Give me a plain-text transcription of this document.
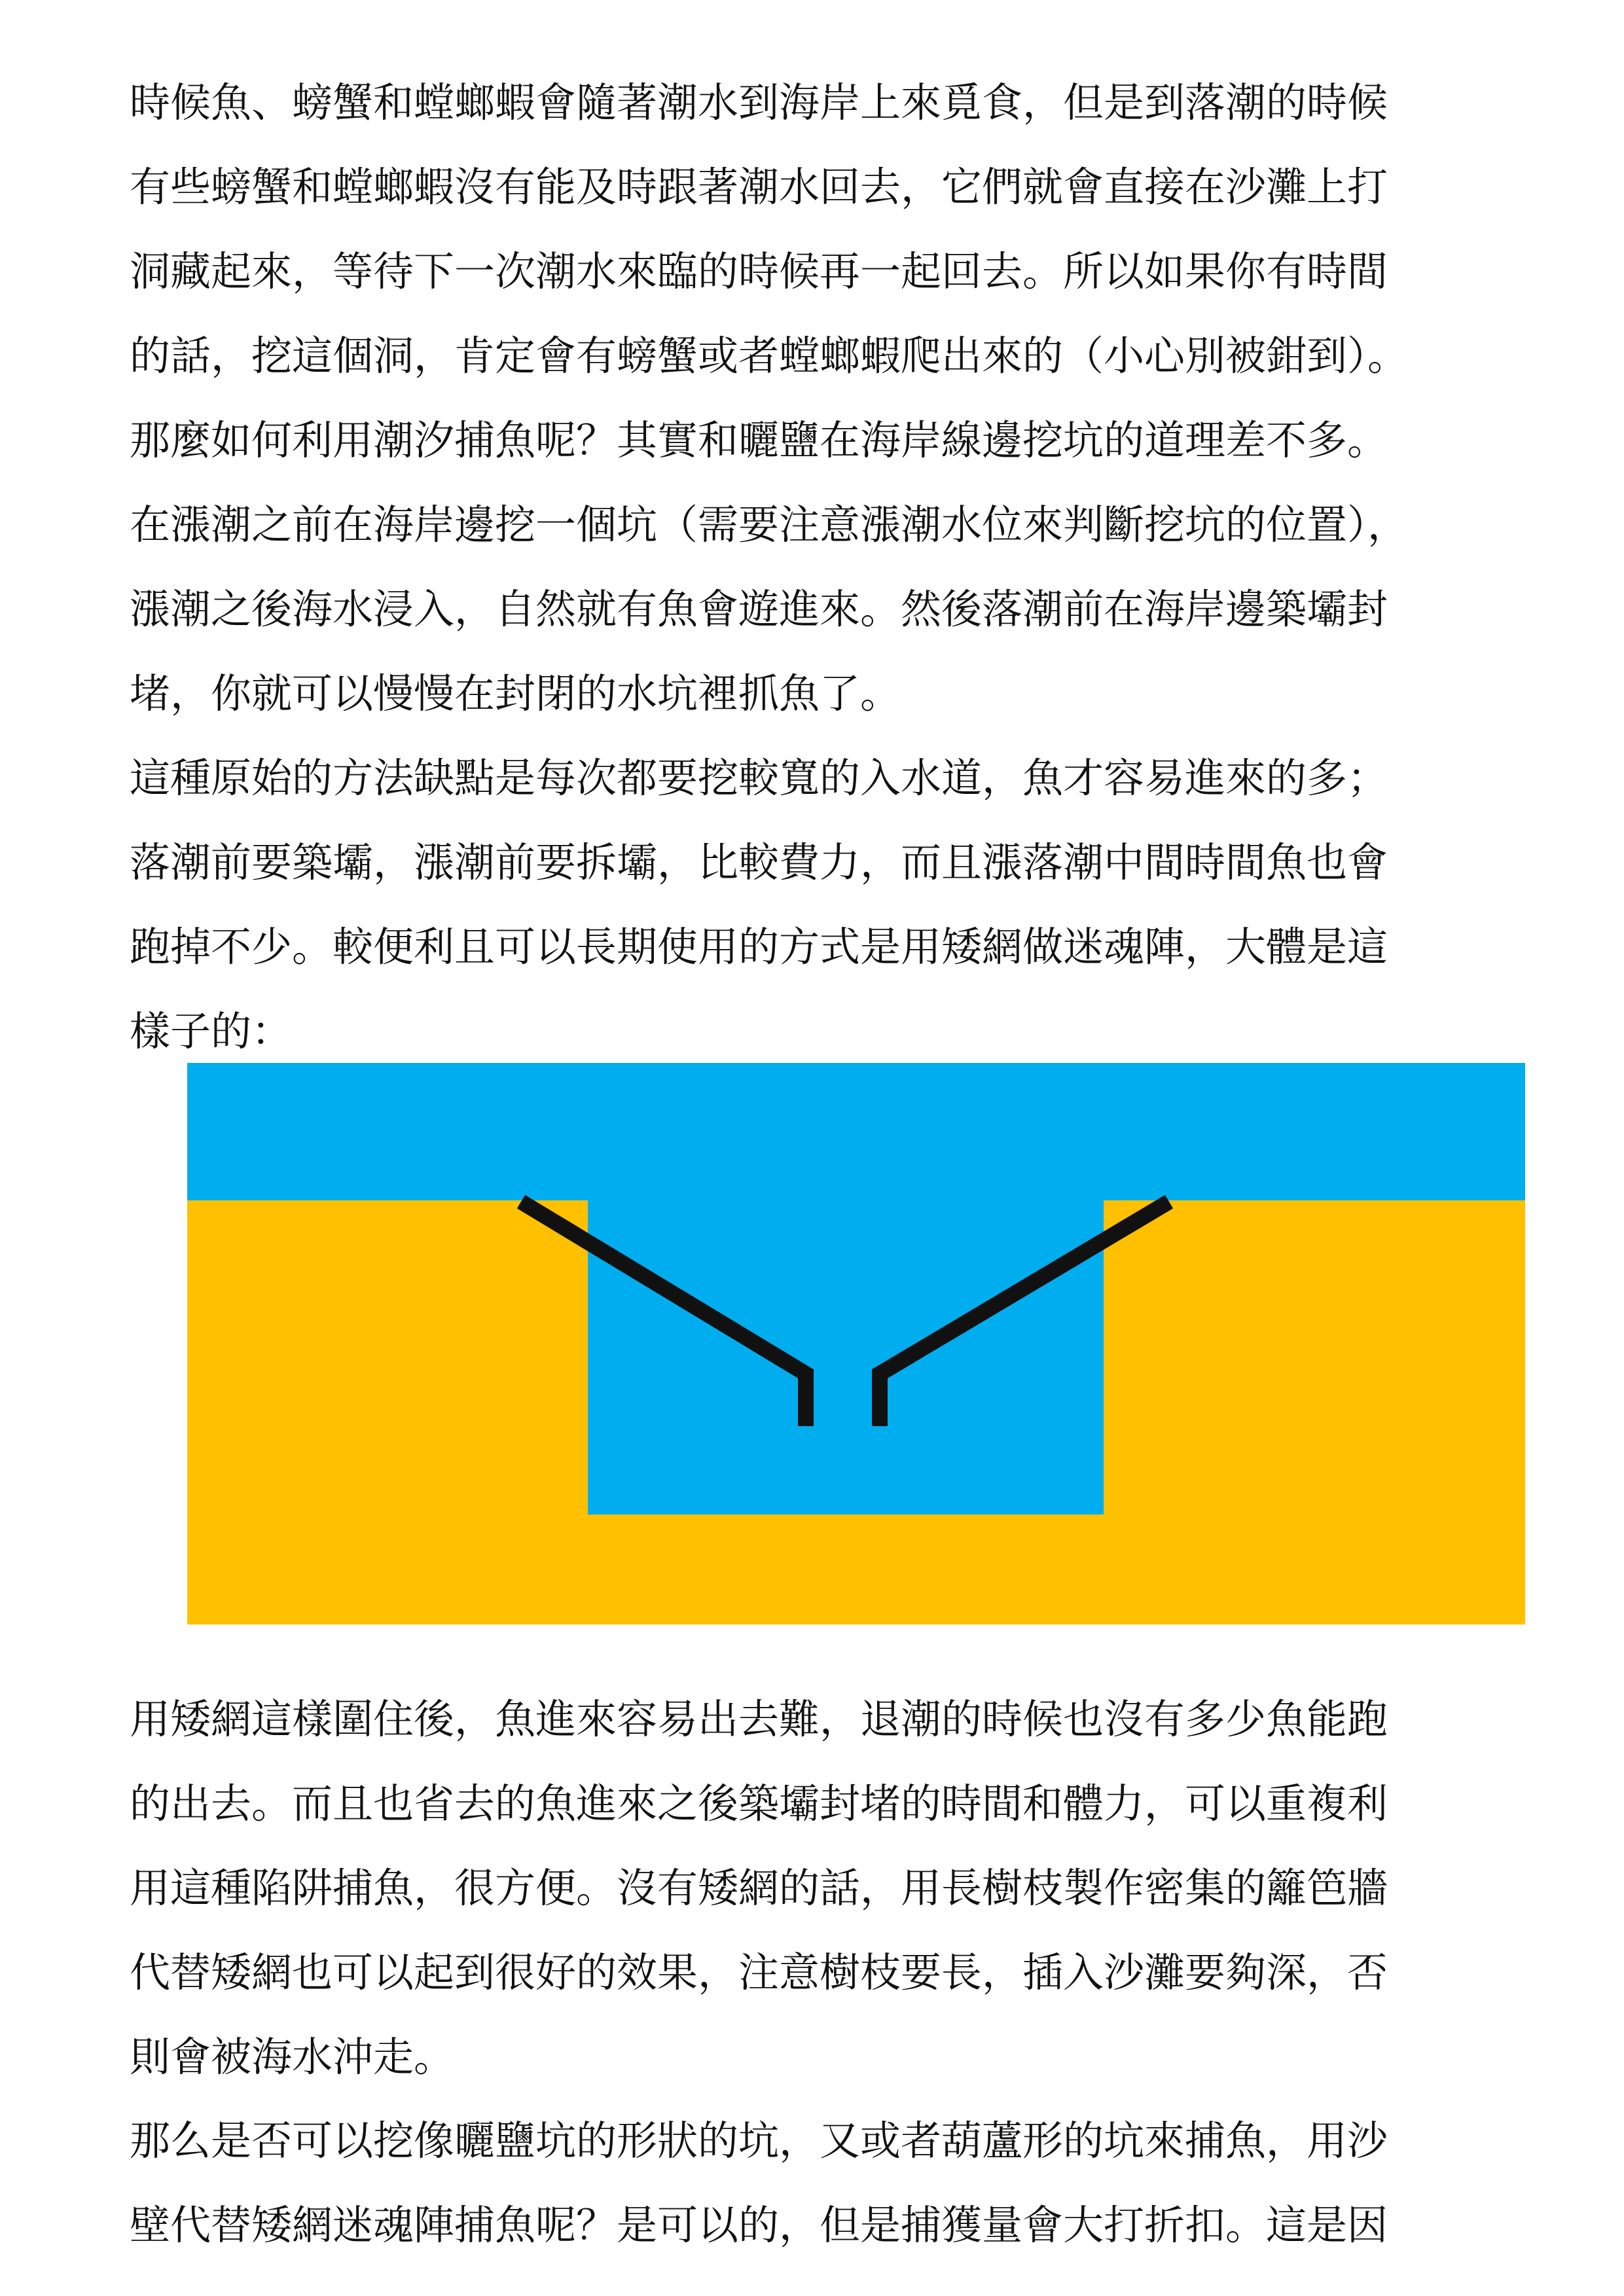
時候魚、螃蟹和螳螂蝦會隨著潮水到海岸上來覓食，但是到落潮的時候
有些螃蟹和螳螂蝦沒有能及時跟著潮水回去，它們就會直接在沙灘上打
洞藏起來，等待下一次潮水來臨的時候再一起回去。所以如果你有時間
的話，挖這個洞，肯定會有螃蟹或者螳螂蝦爬出來的（小心別被鉗到）。
那麼如何利用潮汐捕魚呢？其實和曬鹽在海岸線邊挖坑的道理差不多。
在漲潮之前在海岸邊挖一個坑（需要注意漲潮水位來判斷挖坑的位置），
漲潮之後海水浸入，自然就有魚會遊進來。然後落潮前在海岸邊築壩封
堵，你就可以慢慢在封閉的水坑裡抓魚了。
這種原始的方法缺點是每次都要挖較寬的入水道，魚才容易進來的多；
落潮前要築壩，漲潮前要拆壩，比較費力，而且漲落潮中間時間魚也會
跑掉不少。較便利且可以長期使用的方式是用矮網做迷魂陣，大體是這
樣子的：
用矮網這樣圍住後，魚進來容易出去難，退潮的時候也沒有多少魚能跑
的出去。而且也省去的魚進來之後築壩封堵的時間和體力，可以重複利
用這種陷阱捕魚，很方便。沒有矮網的話，用長樹枝製作密集的籬笆牆
代替矮網也可以起到很好的效果，注意樹枝要長，插入沙灘要夠深，否
則會被海水沖走。
那么是否可以挖像曬鹽坑的形狀的坑，又或者葫蘆形的坑來捕魚，用沙
壁代替矮網迷魂陣捕魚呢？是可以的，但是捕獲量會大打折扣。這是因
